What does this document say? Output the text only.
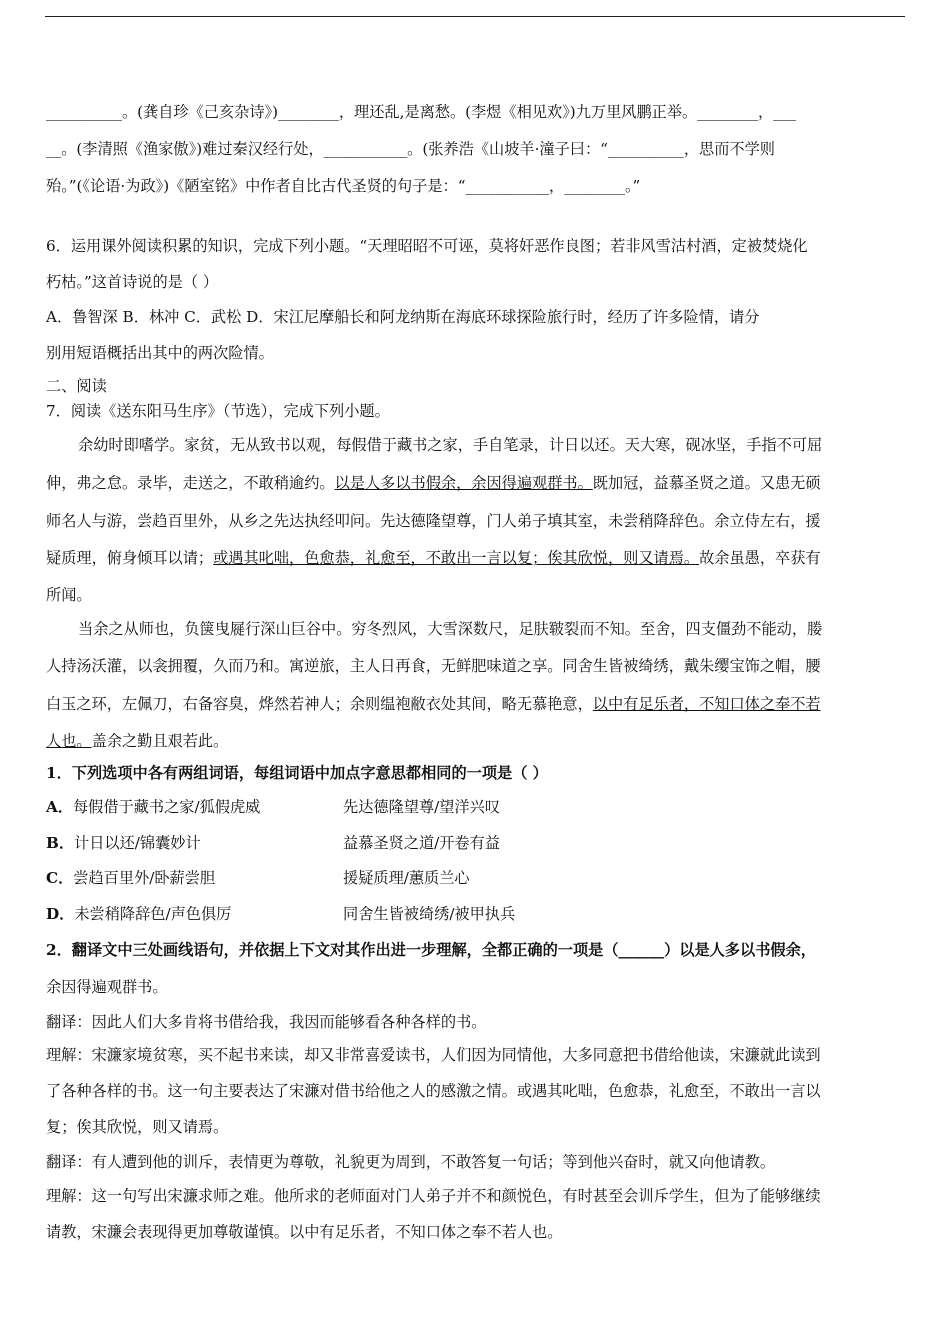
__________。(龚自珍《己亥杂诗》)________，理还乱,是离愁。(李煜《相见欢》)九万里风鹏正举。________，___
__。(李清照《渔家傲》)难过秦汉经行处，___________。(张养浩《山坡羊·潼子曰：“__________，思而不学则
殆。”(《论语·为政》)《陋室铭》中作者自比古代圣贤的句子是：“___________，________。”
6．运用课外阅读积累的知识，完成下列小题。“天理昭昭不可诬，莫将奸恶作良图；若非风雪沽村酒，定被焚烧化
朽枯。”这首诗说的是（ ）
A．鲁智深 B．林冲 C．武松 D．宋江尼摩船长和阿龙纳斯在海底环球探险旅行时，经历了许多险情，请分
别用短语概括出其中的两次险情。
二、阅读
7．阅读《送东阳马生序》（节选），完成下列小题。
余幼时即嗜学。家贫，无从致书以观，每假借于藏书之家，手自笔录，计日以还。天大寒，砚冰坚，手指不可屈
伸，弗之怠。录毕，走送之，不敢稍逾约。以是人多以书假余，余因得遍观群书。既加冠，益慕圣贤之道。又患无硕
师名人与游，尝趋百里外，从乡之先达执经叩问。先达德隆望尊，门人弟子填其室，未尝稍降辞色。余立侍左右，援
疑质理，俯身倾耳以请；或遇其叱咄，色愈恭，礼愈至，不敢出一言以复；俟其欣悦，则又请焉。故余虽愚，卒获有
所闻。
当余之从师也，负箧曳屣行深山巨谷中。穷冬烈风，大雪深数尺，足肤皲裂而不知。至舍，四支僵劲不能动，媵
人持汤沃灌，以衾拥覆，久而乃和。寓逆旅，主人日再食，无鲜肥味道之享。同舍生皆被绮绣，戴朱缨宝饰之帽，腰
白玉之环，左佩刀，右备容臭，烨然若神人；余则缊袍敝衣处其间，略无慕艳意，以中有足乐者，不知口体之奉不若
人也。盖余之勤且艰若此。
1．下列选项中各有两组词语，每组词语中加点字意思都相同的一项是（ ）
A．每假借于藏书之家/狐假虎威	先达德隆望尊/望洋兴叹
B．计日以还/锦囊妙计	益慕圣贤之道/开卷有益
C．尝趋百里外/卧薪尝胆	援疑质理/蕙质兰心
D．未尝稍降辞色/声色俱厉	同舍生皆被绮绣/被甲执兵
2．翻译文中三处画线语句，并依据上下文对其作出进一步理解，全都正确的一项是（______）以是人多以书假余，
余因得遍观群书。
翻译：因此人们大多肯将书借给我，我因而能够看各种各样的书。
理解：宋濂家境贫寒，买不起书来读，却又非常喜爱读书，人们因为同情他，大多同意把书借给他读，宋濂就此读到
了各种各样的书。这一句主要表达了宋濂对借书给他之人的感激之情。或遇其叱咄，色愈恭，礼愈至，不敢出一言以
复；俟其欣悦，则又请焉。
翻译：有人遭到他的训斥，表情更为尊敬，礼貌更为周到，不敢答复一句话；等到他兴奋时，就又向他请教。
理解：这一句写出宋濂求师之难。他所求的老师面对门人弟子并不和颜悦色，有时甚至会训斥学生，但为了能够继续
请教，宋濂会表现得更加尊敬谨慎。以中有足乐者，不知口体之奉不若人也。
